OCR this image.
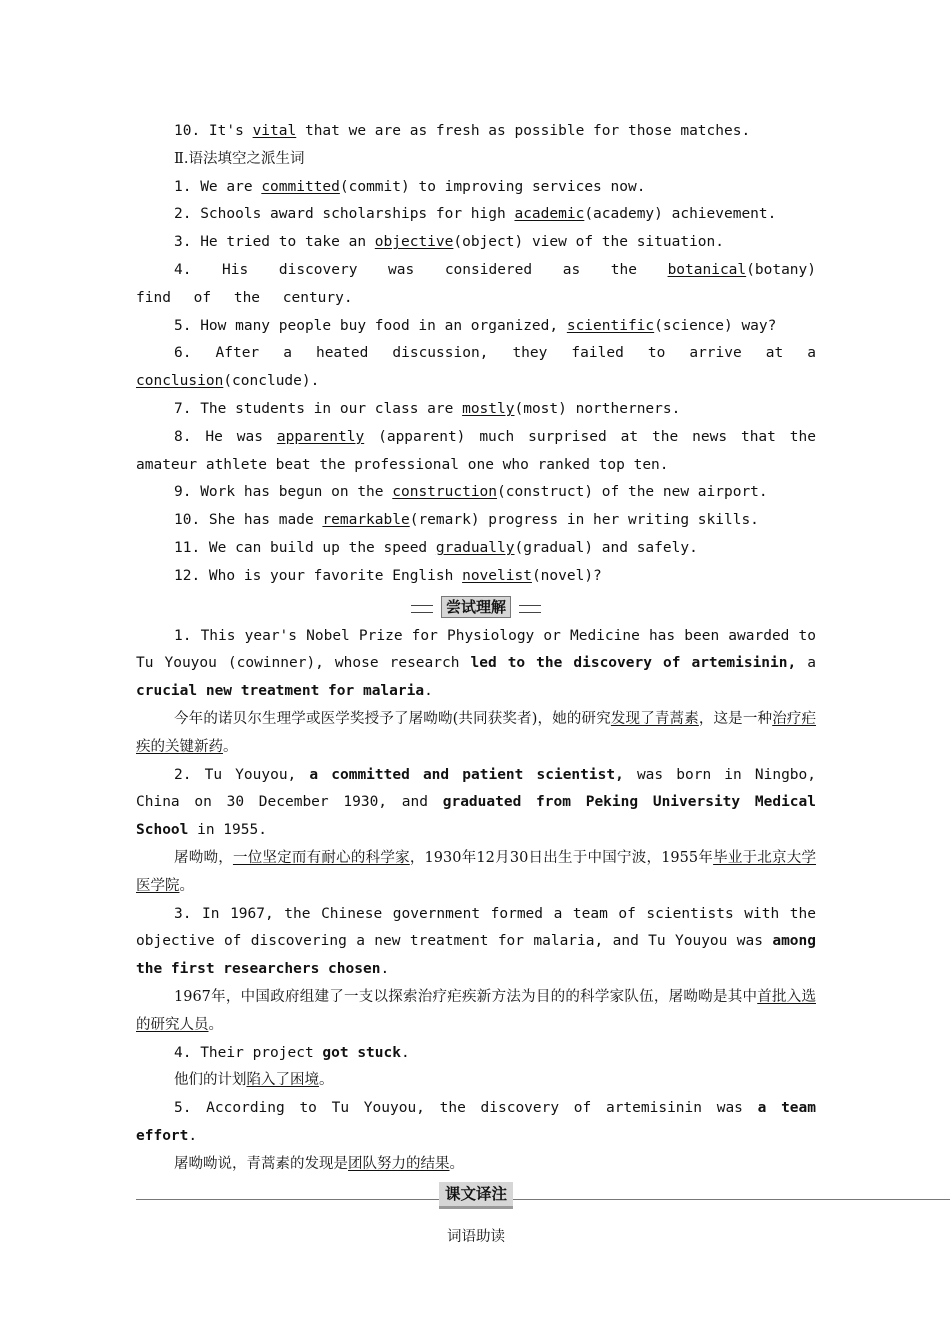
10. It's vital that we are as fresh as possible for those matches.

Ⅱ.语法填空之派生词

1. We are committed(commit) to improving services now.

2. Schools award scholarships for high academic(academy) achievement.

3. He tried to take an objective(object) view of the situation.

4. His discovery was considered as the botanical(botany) find of the century.

5. How many people buy food in an organized, scientific(science) way?

6. After a heated discussion, they failed to arrive at a conclusion(conclude).

7. The students in our class are mostly(most) northerners.

8. He was apparently (apparent) much surprised at the news that the amateur athlete beat the professional one who ranked top ten.

9. Work has begun on the construction(construct) of the new airport.

10. She has made remarkable(remark) progress in her writing skills.

11. We can build up the speed gradually(gradual) and safely.

12. Who is your favorite English novelist(novel)?

尝试理解

1. This year's Nobel Prize for Physiology or Medicine has been awarded to Tu Youyou (cowinner), whose research led to the discovery of artemisinin, a crucial new treatment for malaria.

今年的诺贝尔生理学或医学奖授予了屠呦呦(共同获奖者)，她的研究发现了青蒿素，这是一种治疗疟疾的关键新药。

2. Tu Youyou, a committed and patient scientist, was born in Ningbo, China on 30 December 1930, and graduated from Peking University Medical School in 1955.

屠呦呦，一位坚定而有耐心的科学家，1930年12月30日出生于中国宁波，1955年毕业于北京大学医学院。

3. In 1967, the Chinese government formed a team of scientists with the objective of discovering a new treatment for malaria, and Tu Youyou was among the first researchers chosen.

1967年，中国政府组建了一支以探索治疗疟疾新方法为目的的科学家队伍，屠呦呦是其中首批入选的研究人员。

4. Their project got stuck.

他们的计划陷入了困境。

5. According to Tu Youyou, the discovery of artemisinin was a team effort.

屠呦呦说，青蒿素的发现是团队努力的结果。

课文译注

词语助读
